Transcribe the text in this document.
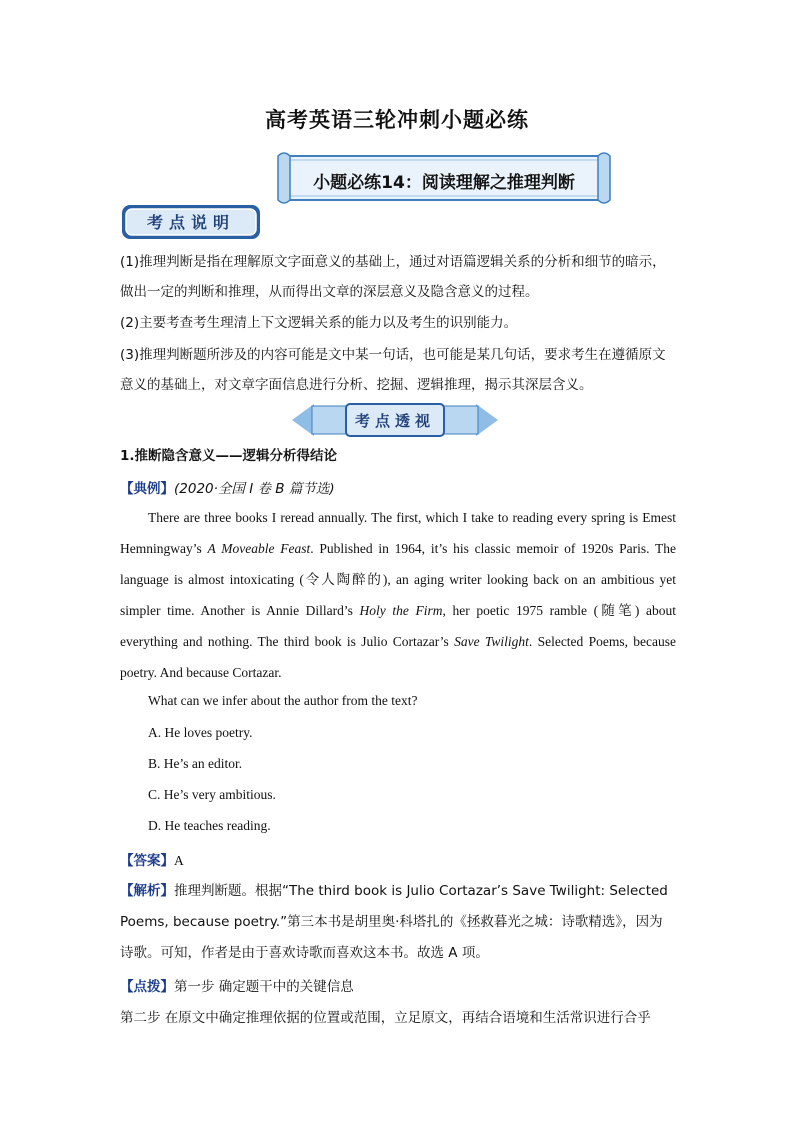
高考英语三轮冲刺小题必练
小题必练14：阅读理解之推理判断
考点说明
(1)推理判断是指在理解原文字面意义的基础上，通过对语篇逻辑关系的分析和细节的暗示，做出一定的判断和推理，从而得出文章的深层意义及隐含意义的过程。
(2)主要考查考生理清上下文逻辑关系的能力以及考生的识别能力。
(3)推理判断题所涉及的内容可能是文中某一句话，也可能是某几句话，要求考生在遵循原文意义的基础上，对文章字面信息进行分析、挖掘、逻辑推理，揭示其深层含义。
考点透视
1.推断隐含意义——逻辑分析得结论
【典例】(2020·全国 I 卷 B 篇节选)
There are three books I reread annually. The first, which I take to reading every spring is Emest Hemningway’s A Moveable Feast. Published in 1964, it’s his classic memoir of 1920s Paris. The language is almost intoxicating (令人陶醉的), an aging writer looking back on an ambitious yet simpler time. Another is Annie Dillard’s Holy the Firm, her poetic 1975 ramble (随笔) about everything and nothing. The third book is Julio Cortazar’s Save Twilight. Selected Poems, because poetry. And because Cortazar.
What can we infer about the author from the text?
A. He loves poetry.
B. He’s an editor.
C. He’s very ambitious.
D. He teaches reading.
【答案】A
【解析】推理判断题。根据“The third book is Julio Cortazar’s Save Twilight: Selected Poems, because poetry.”第三本书是胡里奥·科塔扎的《拯救暮光之城：诗歌精选》，因为诗歌。可知，作者是由于喜欢诗歌而喜欢这本书。故选 A 项。
【点拨】第一步 确定题干中的关键信息
第二步 在原文中确定推理依据的位置或范围，立足原文，再结合语境和生活常识进行合乎
